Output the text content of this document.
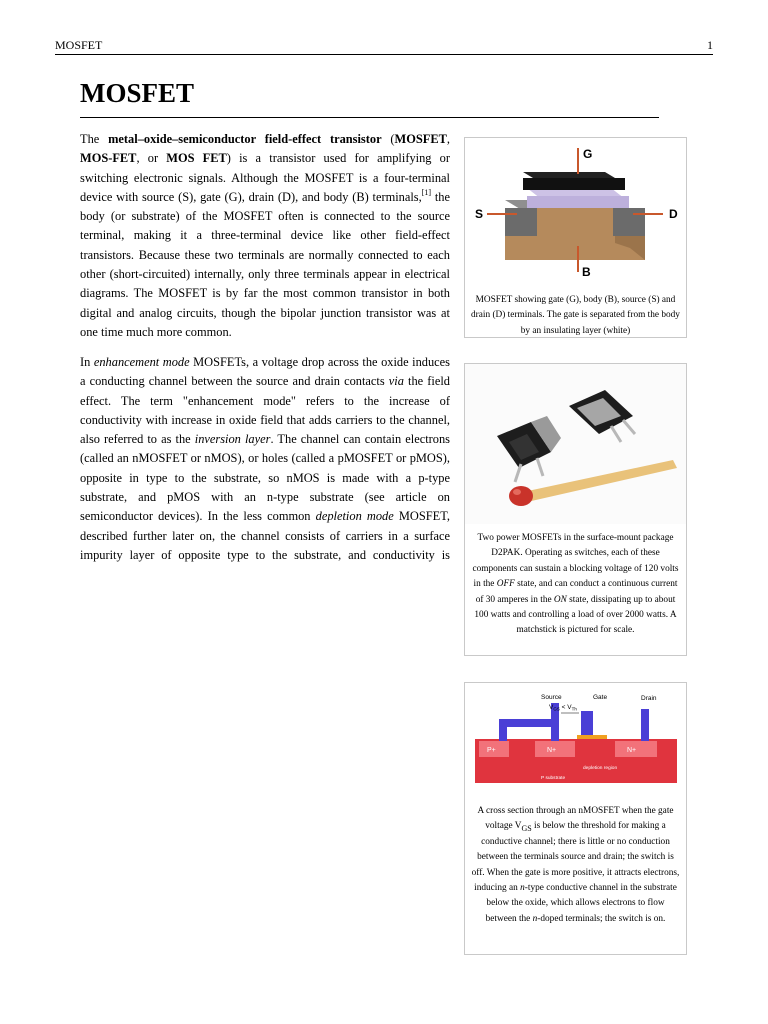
MOSFET	1
MOSFET

The metal–oxide–semiconductor field-effect transistor (MOSFET, MOS-FET, or MOS FET) is a transistor used for amplifying or switching electronic signals. Although the MOSFET is a four-terminal device with source (S), gate (G), drain (D), and body (B) terminals,[1] the body (or substrate) of the MOSFET often is connected to the source terminal, making it a three-terminal device like other field-effect transistors. Because these two terminals are normally connected to each other (short-circuited) internally, only three terminals appear in electrical diagrams. The MOSFET is by far the most common transistor in both digital and analog circuits, though the bipolar junction transistor was at one time much more common.

In enhancement mode MOSFETs, a voltage drop across the oxide induces a conducting channel between the source and drain contacts via the field effect. The term "enhancement mode" refers to the increase of conductivity with increase in oxide field that adds carriers to the channel, also referred to as the inversion layer. The channel can contain electrons (called an nMOSFET or nMOS), or holes (called a pMOSFET or pMOS), opposite in type to the substrate, so nMOS is made with a p-type substrate, and pMOS with an n-type substrate (see article on semiconductor devices). In the less common depletion mode MOSFET, described further later on, the channel consists of carriers in a surface impurity layer of opposite type to the substrate, and conductivity is

G
S	D
B
MOSFET showing gate (G), body (B), source (S) and drain (D) terminals. The gate is separated from the body by an insulating layer (white)
Two power MOSFETs in the surface-mount package D2PAK. Operating as switches, each of these components can sustain a blocking voltage of 120 volts in the OFF state, and can conduct a continuous current of 30 amperes in the ON state, dissipating up to about 100 watts and controlling a load of over 2000 watts. A matchstick is pictured for scale.
Source
$V_{GS} < V_{Th}$
Gate	Drain
P+	N+	N+
depletion region
P substrate
A cross section through an nMOSFET when the gate voltage $V_{GS}$ is below the threshold for making a conductive channel; there is little or no conduction between the terminals source and drain; the switch is off. When the gate is more positive, it attracts electrons, inducing an n-type conductive channel in the substrate below the oxide, which allows electrons to flow between the n-doped terminals; the switch is on.
